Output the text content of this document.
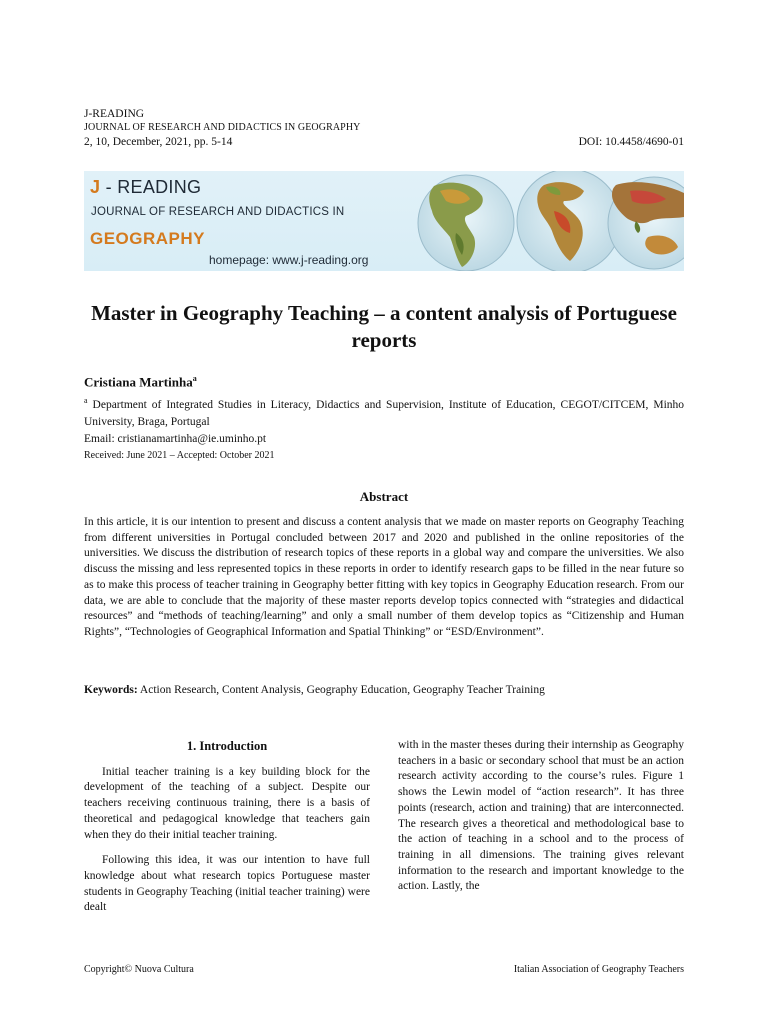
J-READING
JOURNAL OF RESEARCH AND DIDACTICS IN GEOGRAPHY
2, 10, December, 2021, pp. 5-14	DOI: 10.4458/4690-01
J - READING
JOURNAL OF RESEARCH AND DIDACTICS IN
GEOGRAPHY
homepage: www.j-reading.org
Master in Geography Teaching – a content analysis of Portuguese reports
Cristiana Martinha$^a$
$^a$ Department of Integrated Studies in Literacy, Didactics and Supervision, Institute of Education, CEGOT/CITCEM, Minho University, Braga, Portugal
Email: cristianamartinha@ie.uminho.pt
Received: June 2021 – Accepted: October 2021
Abstract
In this article, it is our intention to present and discuss a content analysis that we made on master reports on Geography Teaching from different universities in Portugal concluded between 2017 and 2020 and published in the online repositories of the universities. We discuss the distribution of research topics of these reports in a global way and compare the universities. We also discuss the missing and less represented topics in these reports in order to identify research gaps to be filled in the near future so as to make this process of teacher training in Geography better fitting with key topics in Geography Education research. From our data, we are able to conclude that the majority of these master reports develop topics connected with “strategies and didactical resources” and “methods of teaching/learning” and only a small number of them develop topics as “Citizenship and Human Rights”, “Technologies of Geographical Information and Spatial Thinking” or “ESD/Environment”.
Keywords: Action Research, Content Analysis, Geography Education, Geography Teacher Training
1. Introduction

Initial teacher training is a key building block for the development of the teaching of a subject. Despite our teachers receiving continuous training, there is a basis of theoretical and pedagogical knowledge that teachers gain when they do their initial teacher training.

Following this idea, it was our intention to have full knowledge about what research topics Portuguese master students in Geography Teaching (initial teacher training) were dealt

with in the master theses during their internship as Geography teachers in a basic or secondary school that must be an action research activity according to the course’s rules. Figure 1 shows the Lewin model of “action research”. It has three points (research, action and training) that are interconnected. The research gives a theoretical and methodological base to the action of teaching in a school and to the process of training in all dimensions. The training gives relevant information to the research and important knowledge to the action. Lastly, the

Copyright© Nuova Cultura	Italian Association of Geography Teachers
